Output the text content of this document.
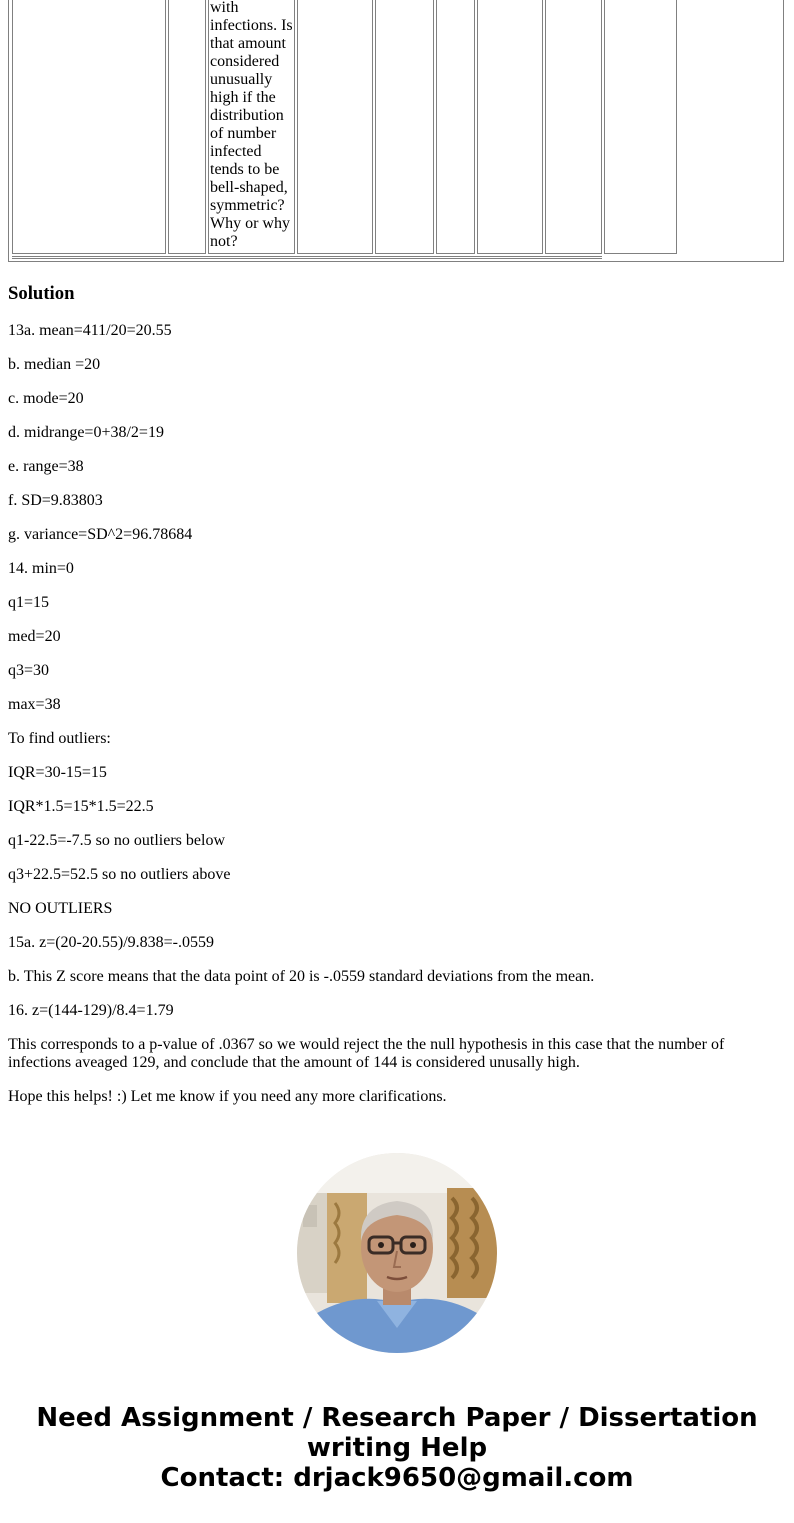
with infections. Is that amount considered unusually high if the distribution of number infected tends to be bell-shaped, symmetric? Why or why not?
Solution

13a. mean=411/20=20.55

b. median =20

c. mode=20

d. midrange=0+38/2=19

e. range=38

f. SD=9.83803

g. variance=SD^2=96.78684

14. min=0

q1=15

med=20

q3=30

max=38

To find outliers:

IQR=30-15=15

IQR*1.5=15*1.5=22.5

q1-22.5=-7.5 so no outliers below

q3+22.5=52.5 so no outliers above

NO OUTLIERS

15a. z=(20-20.55)/9.838=-.0559

b. This Z score means that the data point of 20 is -.0559 standard deviations from the mean.

16. z=(144-129)/8.4=1.79

This corresponds to a p-value of .0367 so we would reject the the null hypothesis in this case that the number of infections aveaged 129, and conclude that the amount of 144 is considered unusally high.

Hope this helps! :) Let me know if you need any more clarifications.

Need Assignment / Research Paper / Dissertation writing Help
Contact: drjack9650@gmail.com
